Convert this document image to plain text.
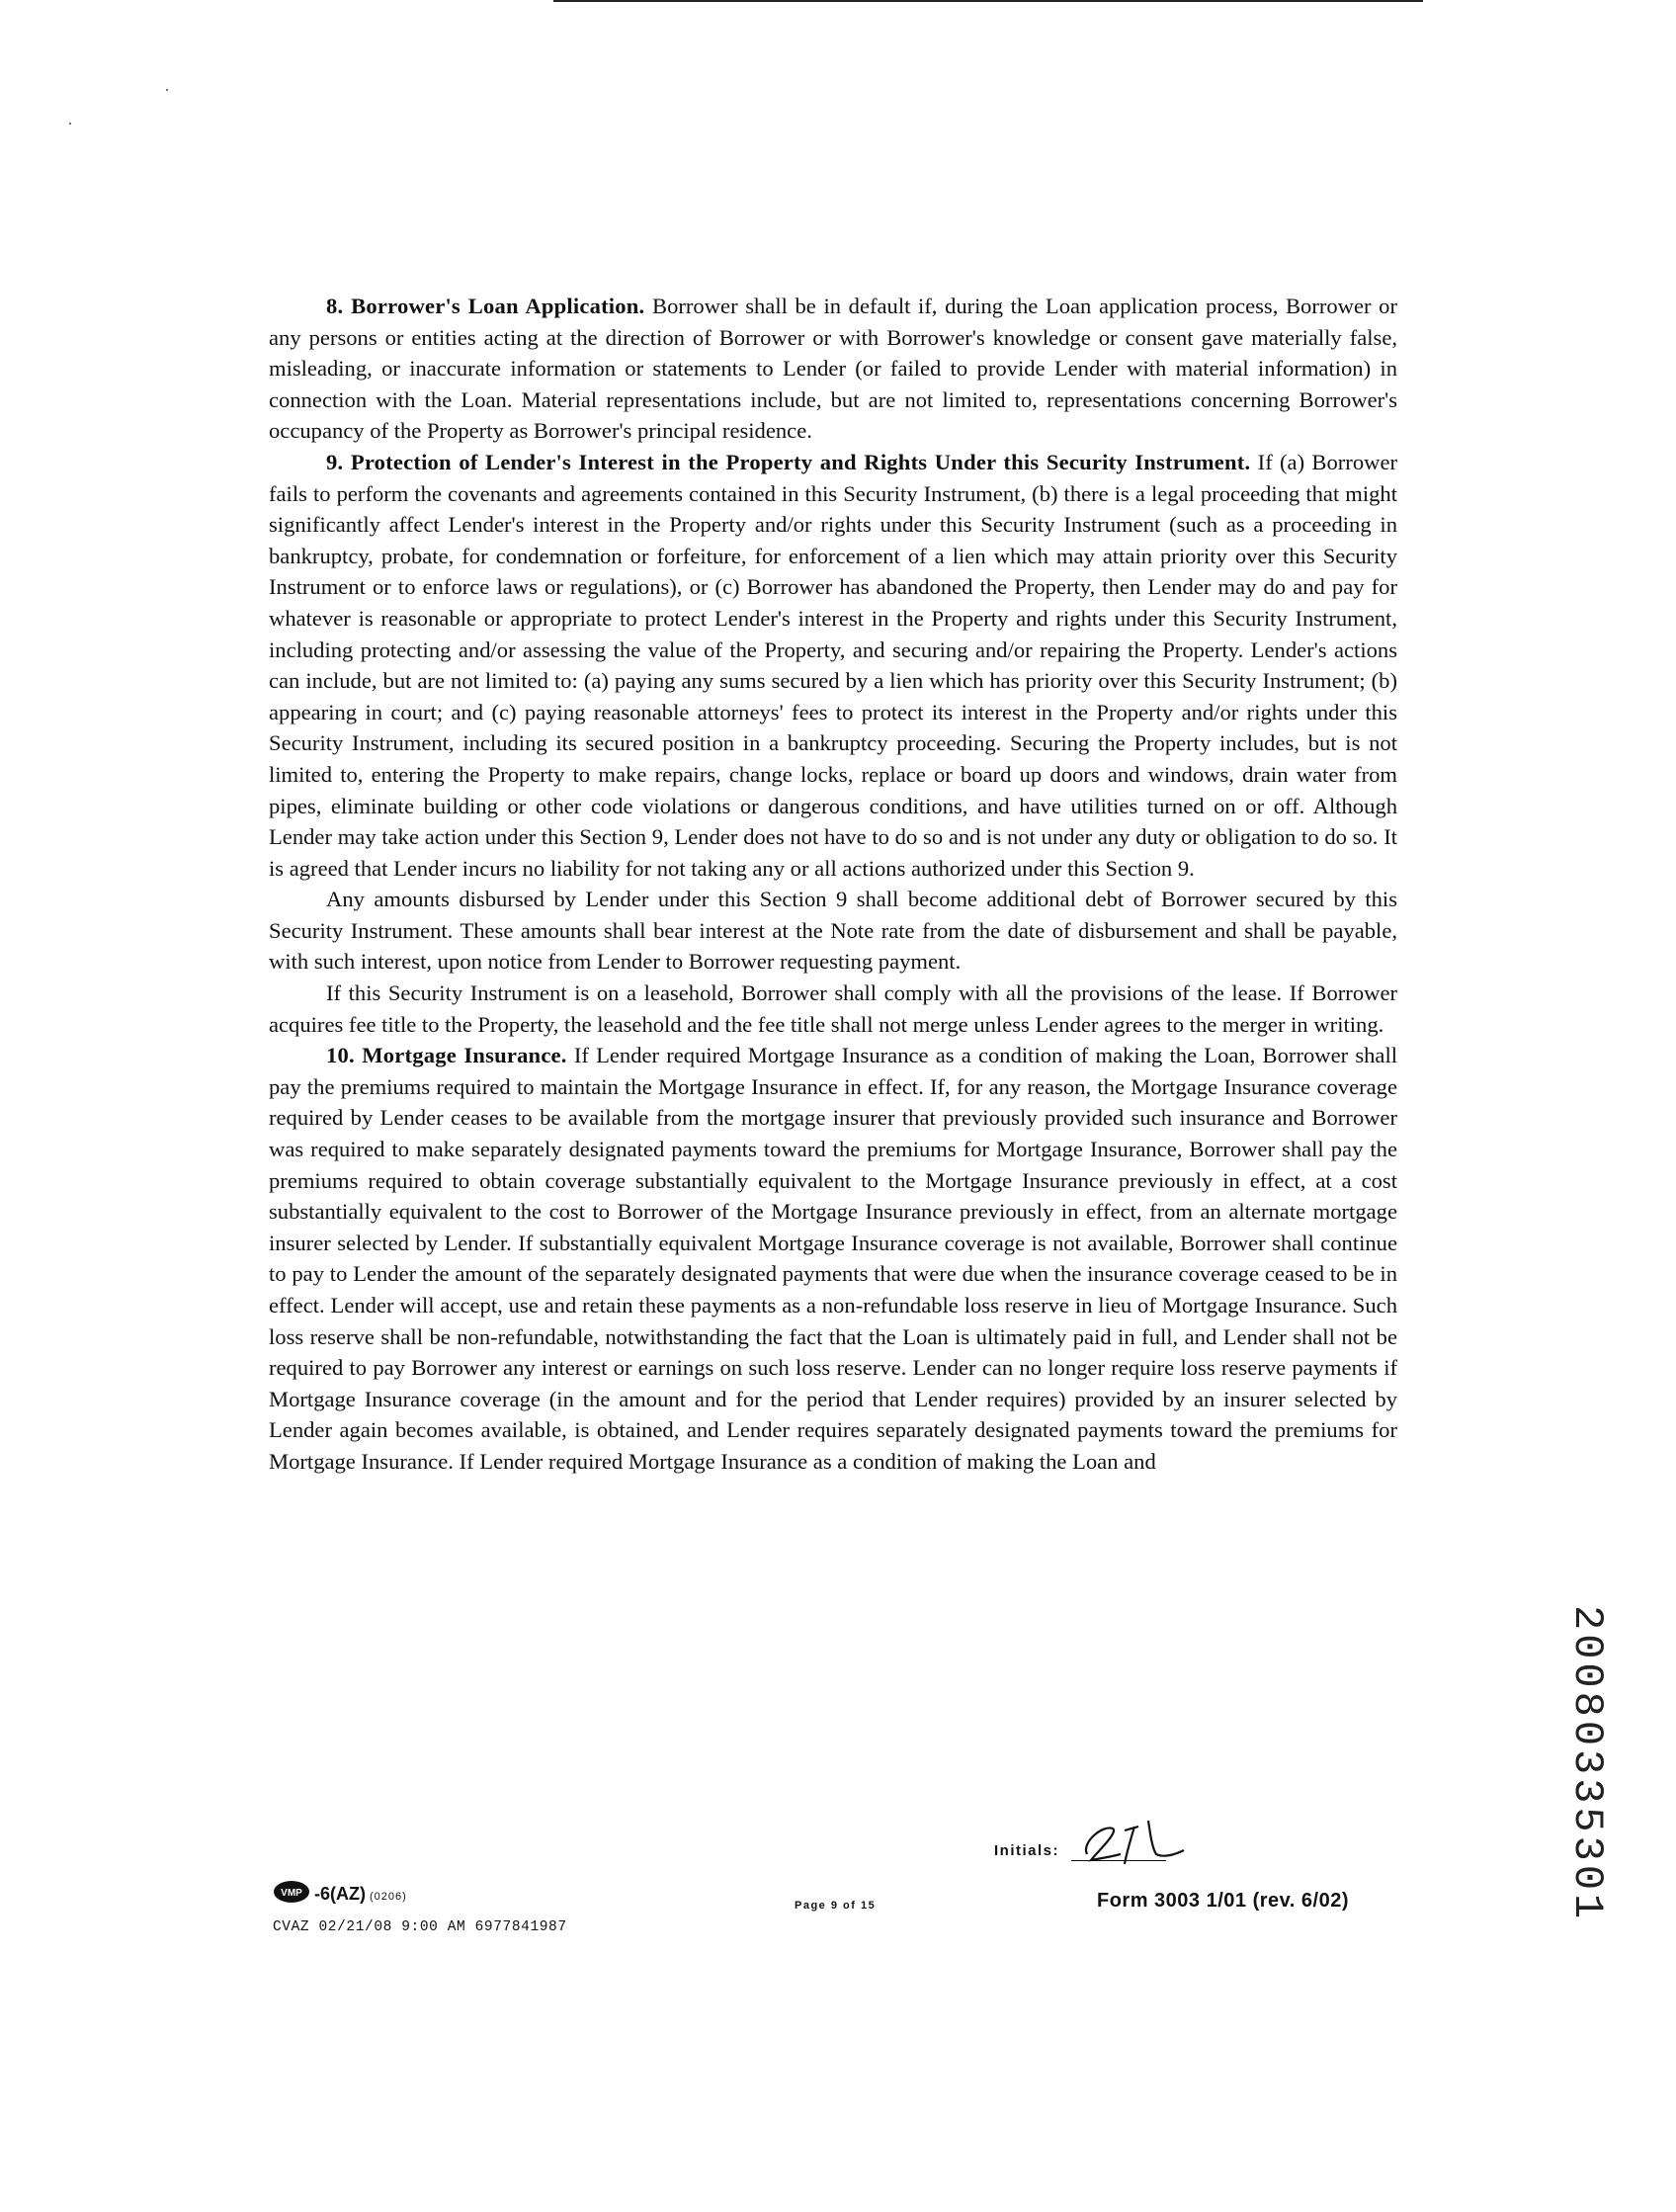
8. Borrower's Loan Application. Borrower shall be in default if, during the Loan application process, Borrower or any persons or entities acting at the direction of Borrower or with Borrower's knowledge or consent gave materially false, misleading, or inaccurate information or statements to Lender (or failed to provide Lender with material information) in connection with the Loan. Material representations include, but are not limited to, representations concerning Borrower's occupancy of the Property as Borrower's principal residence.

9. Protection of Lender's Interest in the Property and Rights Under this Security Instrument. If (a) Borrower fails to perform the covenants and agreements contained in this Security Instrument, (b) there is a legal proceeding that might significantly affect Lender's interest in the Property and/or rights under this Security Instrument (such as a proceeding in bankruptcy, probate, for condemnation or forfeiture, for enforcement of a lien which may attain priority over this Security Instrument or to enforce laws or regulations), or (c) Borrower has abandoned the Property, then Lender may do and pay for whatever is reasonable or appropriate to protect Lender's interest in the Property and rights under this Security Instrument, including protecting and/or assessing the value of the Property, and securing and/or repairing the Property. Lender's actions can include, but are not limited to: (a) paying any sums secured by a lien which has priority over this Security Instrument; (b) appearing in court; and (c) paying reasonable attorneys' fees to protect its interest in the Property and/or rights under this Security Instrument, including its secured position in a bankruptcy proceeding. Securing the Property includes, but is not limited to, entering the Property to make repairs, change locks, replace or board up doors and windows, drain water from pipes, eliminate building or other code violations or dangerous conditions, and have utilities turned on or off. Although Lender may take action under this Section 9, Lender does not have to do so and is not under any duty or obligation to do so. It is agreed that Lender incurs no liability for not taking any or all actions authorized under this Section 9.

Any amounts disbursed by Lender under this Section 9 shall become additional debt of Borrower secured by this Security Instrument. These amounts shall bear interest at the Note rate from the date of disbursement and shall be payable, with such interest, upon notice from Lender to Borrower requesting payment.

If this Security Instrument is on a leasehold, Borrower shall comply with all the provisions of the lease. If Borrower acquires fee title to the Property, the leasehold and the fee title shall not merge unless Lender agrees to the merger in writing.

10. Mortgage Insurance. If Lender required Mortgage Insurance as a condition of making the Loan, Borrower shall pay the premiums required to maintain the Mortgage Insurance in effect. If, for any reason, the Mortgage Insurance coverage required by Lender ceases to be available from the mortgage insurer that previously provided such insurance and Borrower was required to make separately designated payments toward the premiums for Mortgage Insurance, Borrower shall pay the premiums required to obtain coverage substantially equivalent to the Mortgage Insurance previously in effect, at a cost substantially equivalent to the cost to Borrower of the Mortgage Insurance previously in effect, from an alternate mortgage insurer selected by Lender. If substantially equivalent Mortgage Insurance coverage is not available, Borrower shall continue to pay to Lender the amount of the separately designated payments that were due when the insurance coverage ceased to be in effect. Lender will accept, use and retain these payments as a non-refundable loss reserve in lieu of Mortgage Insurance. Such loss reserve shall be non-refundable, notwithstanding the fact that the Loan is ultimately paid in full, and Lender shall not be required to pay Borrower any interest or earnings on such loss reserve. Lender can no longer require loss reserve payments if Mortgage Insurance coverage (in the amount and for the period that Lender requires) provided by an insurer selected by Lender again becomes available, is obtained, and Lender requires separately designated payments toward the premiums for Mortgage Insurance. If Lender required Mortgage Insurance as a condition of making the Loan and

Initials:
VMP -6(AZ) (0206)
Page 9 of 15	Form 3003 1/01 (rev. 6/02)
CVAZ 02/21/08 9:00 AM 6977841987
20080335301
